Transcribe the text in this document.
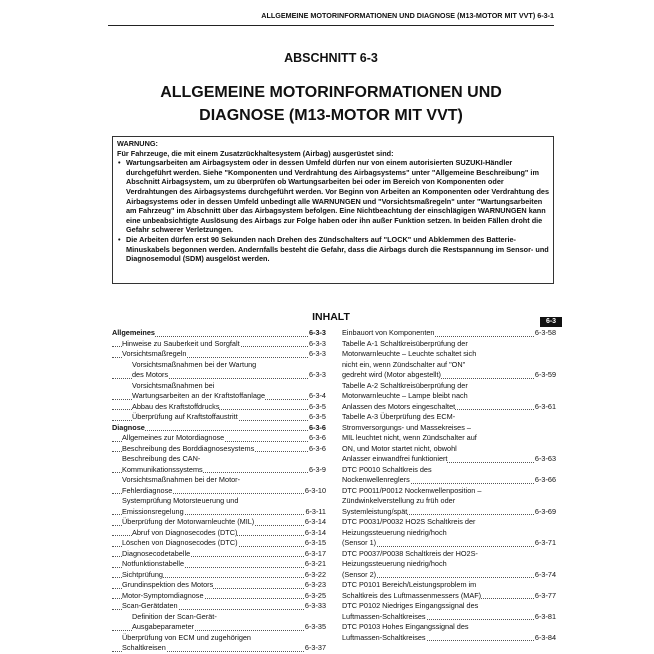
ALLGEMEINE MOTORINFORMATIONEN UND DIAGNOSE (M13-MOTOR MIT VVT) 6-3-1
ABSCHNITT 6-3
ALLGEMEINE MOTORINFORMATIONEN UND
DIAGNOSE (M13-MOTOR MIT VVT)

WARNUNG:

Für Fahrzeuge, die mit einem Zusatzrückhaltesystem (Airbag) ausgerüstet sind:

• Wartungsarbeiten am Airbagsystem oder in dessen Umfeld dürfen nur von einem autorisierten SUZUKI-Händler durchgeführt werden. Siehe "Komponenten und Verdrahtung des Airbagsystems" unter "Allgemeine Beschreibung" im Abschnitt Airbagsystem, um zu überprüfen ob Wartungsarbeiten bei oder im Bereich von Komponenten oder Verdrahtungen des Airbagsystems durchgeführt werden. Vor Beginn von Arbeiten an Komponenten oder Verdrahtung des Airbagsystems oder in dessen Umfeld unbedingt alle WARNUNGEN und "Vorsichtsmaßregeln" unter "Wartungsarbeiten am Fahrzeug" im Abschnitt über das Airbagsystem befolgen. Eine Nichtbeachtung der einschlägigen WARNUNGEN kann eine unbeabsichtigte Auslösung des Airbags zur Folge haben oder ihn außer Funktion setzen. In beiden Fällen droht die Gefahr schwerer Verletzungen.

• Die Arbeiten dürfen erst 90 Sekunden nach Drehen des Zündschalters auf "LOCK" und Abklemmen des Batterie-Minuskabels begonnen werden. Andernfalls besteht die Gefahr, dass die Airbags durch die Restspannung im Sensor- und Diagnosemodul (SDM) ausgelöst werden.

INHALT
Allgemeines	6-3-3
Hinweise zu Sauberkeit und Sorgfalt	6-3-3
Vorsichtsmaßregeln	6-3-3
Vorsichtsmaßnahmen bei der Wartung
des Motors	6-3-3
Vorsichtsmaßnahmen bei
Wartungsarbeiten an der Kraftstoffanlage	6-3-4
Abbau des Kraftstoffdrucks	6-3-5
Überprüfung auf Kraftstoffaustritt	6-3-5
Diagnose	6-3-6
Allgemeines zur Motordiagnose	6-3-6
Beschreibung des Borddiagnosesystems	6-3-6
Beschreibung des CAN-
Kommunikationssystems	6-3-9
Vorsichtsmaßnahmen bei der Motor-
Fehlerdiagnose	6-3-10
Systemprüfung Motorsteuerung und
Emissionsregelung	6-3-11
Überprüfung der Motorwarnleuchte (MIL)	6-3-14
Abruf von Diagnosecodes (DTC)	6-3-14
Löschen von Diagnosecodes (DTC)	6-3-15
Diagnosecodetabelle	6-3-17
Notfunktionstabelle	6-3-21
Sichtprüfung	6-3-22
Grundinspektion des Motors	6-3-23
Motor-Symptomdiagnose	6-3-25
Scan-Gerätdaten	6-3-33
Definition der Scan-Gerät-
Ausgabeparameter	6-3-35
Überprüfung von ECM und zugehörigen
Schaltkreisen	6-3-37
Einbauort von Komponenten	6-3-58
Tabelle A-1 Schaltkreisüberprüfung der
Motorwarnleuchte – Leuchte schaltet sich
nicht ein, wenn Zündschalter auf "ON"
gedreht wird (Motor abgestellt)	6-3-59
Tabelle A-2 Schaltkreisüberprüfung der
Motorwarnleuchte – Lampe bleibt nach
Anlassen des Motors eingeschaltet	6-3-61
Tabelle A-3 Überprüfung des ECM-
Stromversorgungs- und Massekreises –
MIL leuchtet nicht, wenn Zündschalter auf
ON, und Motor startet nicht, obwohl
Anlasser einwandfrei funktioniert	6-3-63
DTC P0010 Schaltkreis des
Nockenwellenreglers	6-3-66
DTC P0011/P0012 Nockenwellenposition –
Zündwinkelverstellung zu früh oder
Systemleistung/spät	6-3-69
DTC P0031/P0032 HO2S Schaltkreis der
Heizungssteuerung niedrig/hoch
(Sensor 1)	6-3-71
DTC P0037/P0038 Schaltkreis der HO2S-
Heizungssteuerung niedrig/hoch
(Sensor 2)	6-3-74
DTC P0101 Bereich/Leistungsproblem im
Schaltkreis des Luftmassenmessers (MAF)	6-3-77
DTC P0102 Niedriges Eingangssignal des
Luftmassen-Schaltkreises	6-3-81
DTC P0103 Hohes Eingangssignal des
Luftmassen-Schaltkreises	6-3-84
6-3
